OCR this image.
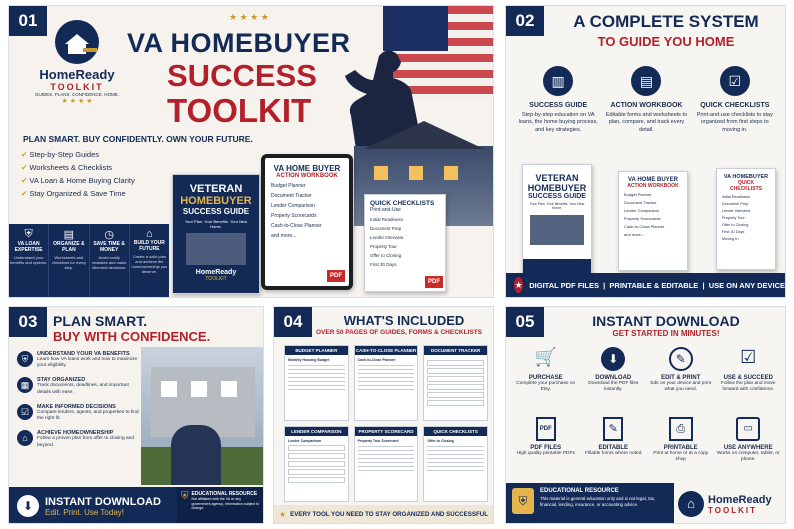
01
HomeReady
TOOLKIT
GUIDES. PLANS. CONFIDENCE. HOME.
★ ★ ★ ★
★ ★ ★ ★
VA HOMEBUYER
SUCCESS
TOOLKIT
PLAN SMART. BUY CONFIDENTLY. OWN YOUR FUTURE.
✔ Step-by-Step Guides
✔ Worksheets & Checklists
✔ VA Loan & Home Buying Clarity
✔ Stay Organized & Save Time
⛨
VA LOAN EXPERTISE
Understand your benefits and options.
▤
ORGANIZE & PLAN
Worksheets and checklists for every step.
◷
SAVE TIME & MONEY
Avoid costly mistakes and make informed decisions.
⌂
BUILD YOUR FUTURE
Create a solid plan and achieve the homeownership you deserve.
VETERAN
HOMEBUYER
SUCCESS GUIDE
Your Plan. Your Benefits. Your New Home.
HomeReady
TOOLKIT
VA HOME BUYER
ACTION WORKBOOK
Budget Planner
Document Tracker
Lender Comparison
Property Scorecards
Cash-to-Close Planner
and more...
PDF
QUICK CHECKLISTS
Print-and-Use
Initial Readiness
Document Prep
Lender Interview
Property Tour
Offer to Closing
First 30 Days
PDF
02	A COMPLETE SYSTEM
TO GUIDE YOU HOME
▥
SUCCESS GUIDE
Step-by-step education on VA loans, the home buying process, and key strategies.
▤
ACTION WORKBOOK
Editable forms and worksheets to plan, compare, and track every detail.
☑
QUICK CHECKLISTS
Print-and-use checklists to stay organized from first steps to moving in.
VETERAN
HOMEBUYER
SUCCESS GUIDE
Your Plan. Your Benefits. Your New Home.
VA HOME BUYER
ACTION WORKBOOK
Budget Planner
Document Tracker
Lender Comparison
Property Scorecards
Cash-to-Close Planner
and more...
VA HOMEBUYER
QUICK CHECKLISTS
Initial Readiness
Document Prep
Lender Interview
Property Tour
Offer to Closing
First 30 Days
Moving In
★ DIGITAL PDF FILES  |  PRINTABLE & EDITABLE  |  USE ON ANY DEVICE
03	PLAN SMART.
BUY WITH CONFIDENCE.
⛨	UNDERSTAND YOUR VA BENEFITS
Learn how VA loans work and how to maximize your eligibility.
▦	STAY ORGANIZED
Track documents, deadlines, and important details with ease.
☑	MAKE INFORMED DECISIONS
Compare lenders, agents, and properties to find the right fit.
⌂	ACHIEVE HOMEOWNERSHIP
Follow a proven plan from offer to closing and beyond.
⬇	INSTANT DOWNLOAD
Edit. Print. Use Today!
⛨ EDUCATIONAL RESOURCE
Not affiliated with the VA or any government agency. Information subject to change.
04	WHAT'S INCLUDED
OVER 50 PAGES OF GUIDES, FORMS & CHECKLISTS
BUDGET PLANNER
Monthly Housing Budget
CASH-TO-CLOSE PLANNER
Cash-to-Close Planner
DOCUMENT TRACKER
LENDER COMPARISON
Lender Comparison
PROPERTY SCORECARD
Property Tour Scorecard
QUICK CHECKLISTS
Offer to Closing
★ EVERY TOOL YOU NEED TO STAY ORGANIZED AND SUCCESSFUL
05	INSTANT DOWNLOAD
GET STARTED IN MINUTES!
🛒
PURCHASE
Complete your purchase on Etsy.
⬇
DOWNLOAD
Download the PDF files instantly.
✎
EDIT & PRINT
Edit on your device and print what you need.
☑
USE & SUCCEED
Follow the plan and move forward with confidence.
PDF
PDF FILES
High quality printable PDFs
✎
EDITABLE
Fillable forms where noted
⎙
PRINTABLE
Print at home or at a copy shop
▭
USE ANYWHERE
Works on computer, tablet, or phone.
⛨
EDUCATIONAL RESOURCE
This material is general education only and is not legal, tax, financial, lending, insurance, or accounting advice.	⌂	HomeReady
TOOLKIT
